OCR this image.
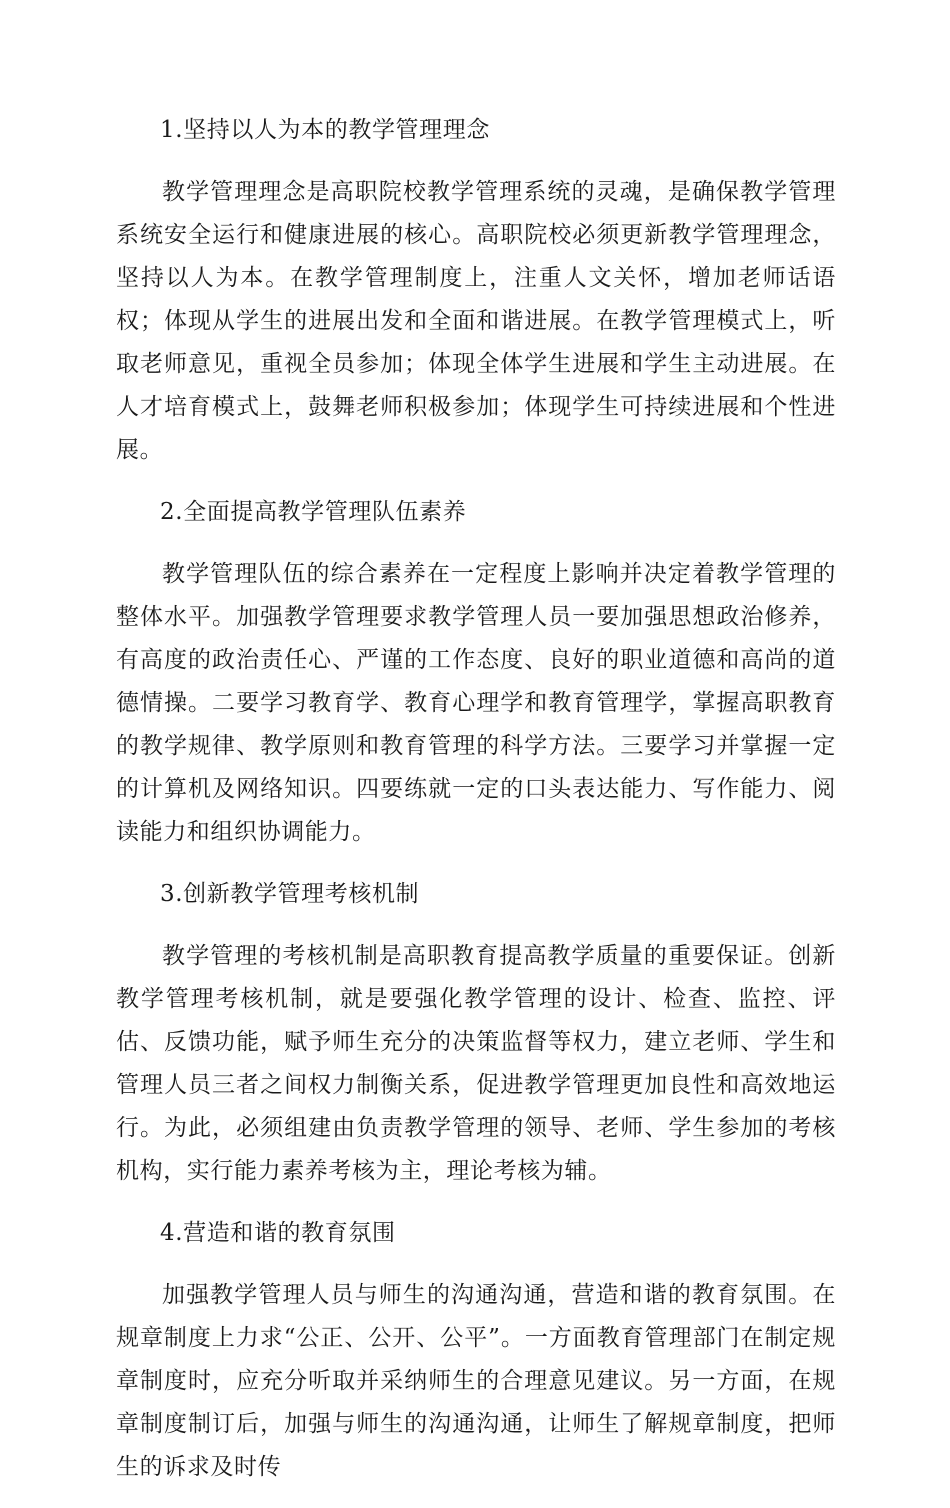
1.坚持以人为本的教学管理理念

教学管理理念是高职院校教学管理系统的灵魂，是确保教学管理系统安全运行和健康进展的核心。高职院校必须更新教学管理理念，坚持以人为本。在教学管理制度上，注重人文关怀，增加老师话语权；体现从学生的进展出发和全面和谐进展。在教学管理模式上，听取老师意见，重视全员参加；体现全体学生进展和学生主动进展。在人才培育模式上，鼓舞老师积极参加；体现学生可持续进展和个性进展。

2.全面提高教学管理队伍素养

教学管理队伍的综合素养在一定程度上影响并决定着教学管理的整体水平。加强教学管理要求教学管理人员一要加强思想政治修养，有高度的政治责任心、严谨的工作态度、良好的职业道德和高尚的道德情操。二要学习教育学、教育心理学和教育管理学，掌握高职教育的教学规律、教学原则和教育管理的科学方法。三要学习并掌握一定的计算机及网络知识。四要练就一定的口头表达能力、写作能力、阅读能力和组织协调能力。

3.创新教学管理考核机制

教学管理的考核机制是高职教育提高教学质量的重要保证。创新教学管理考核机制，就是要强化教学管理的设计、检查、监控、评估、反馈功能，赋予师生充分的决策监督等权力，建立老师、学生和管理人员三者之间权力制衡关系，促进教学管理更加良性和高效地运行。为此，必须组建由负责教学管理的领导、老师、学生参加的考核机构，实行能力素养考核为主，理论考核为辅。

4.营造和谐的教育氛围

加强教学管理人员与师生的沟通沟通，营造和谐的教育氛围。在规章制度上力求“公正、公开、公平”。一方面教育管理部门在制定规章制度时，应充分听取并采纳师生的合理意见建议。另一方面，在规章制度制订后，加强与师生的沟通沟通，让师生了解规章制度，把师生的诉求及时传
